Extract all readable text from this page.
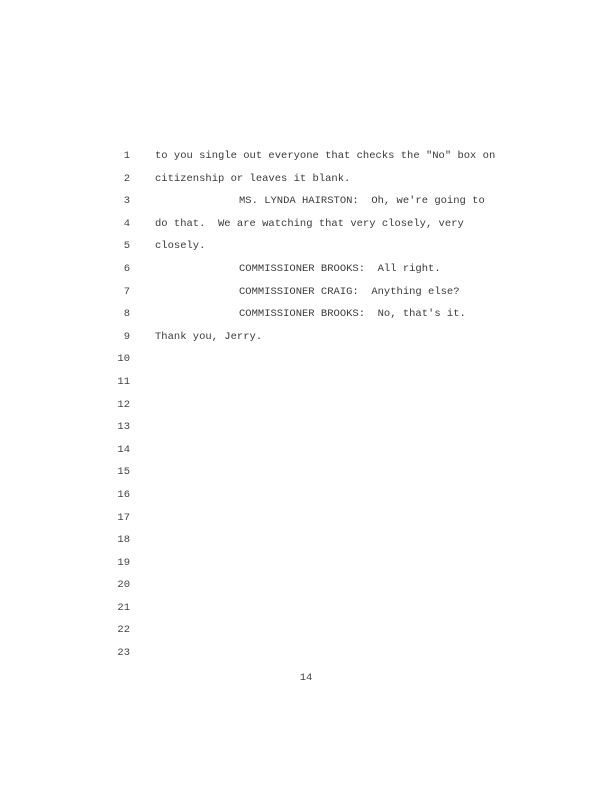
1 to you single out everyone that checks the "No" box on
2 citizenship or leaves it blank.
3	MS. LYNDA HAIRSTON:  Oh, we're going to
4 do that.  We are watching that very closely, very
5 closely.
6	COMMISSIONER BROOKS:  All right.
7	COMMISSIONER CRAIG:  Anything else?
8	COMMISSIONER BROOKS:  No, that's it.
9 Thank you, Jerry.
10
11
12
13
14
15
16
17
18
19
20
21
22
23
14
